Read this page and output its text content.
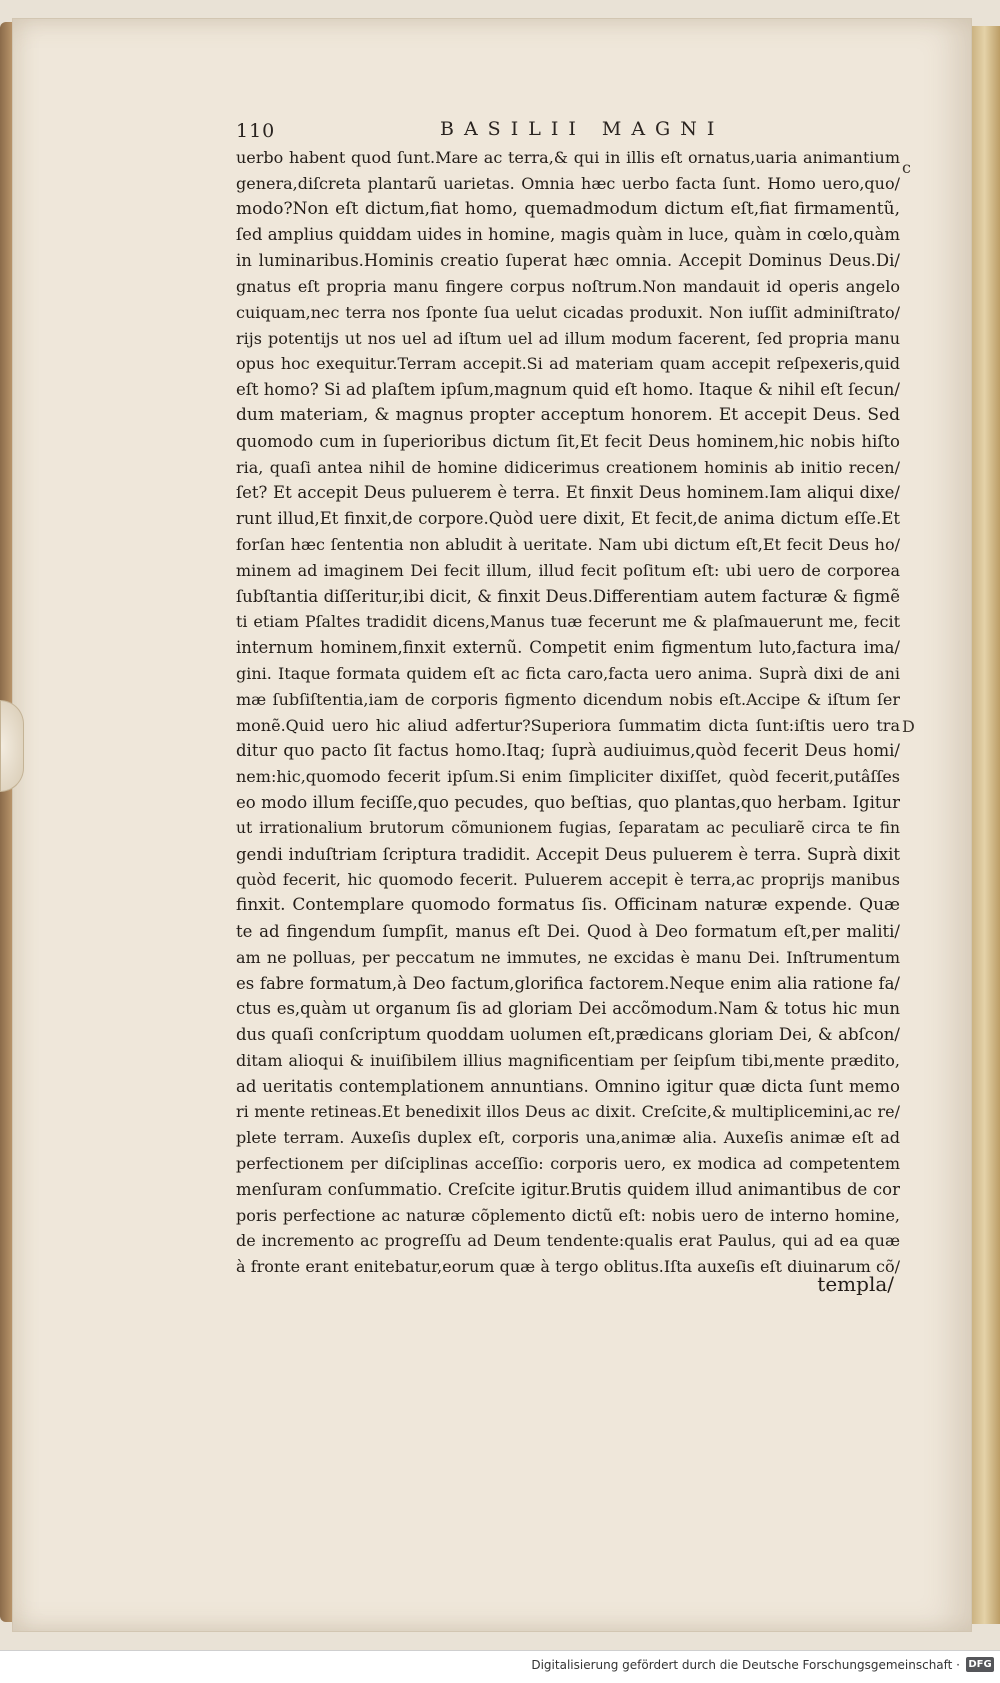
110	BASILII MAGNI
c
D
uerbo habent quod ſunt.Mare ac terra,& qui in illis eſt ornatus,uaria animantium
genera,diſcreta plantarũ uarietas. Omnia hæc uerbo facta ſunt. Homo uero,quo/
modo?Non eſt dictum,fiat homo, quemadmodum dictum eſt,fiat firmamentũ,
ſed amplius quiddam uides in homine, magis quàm in luce, quàm in cœlo,quàm
in luminaribus.Hominis creatio ſuperat hæc omnia. Accepit Dominus Deus.Di/
gnatus eſt propria manu fingere corpus noſtrum.Non mandauit id operis angelo
cuiquam,nec terra nos ſponte ſua uelut cicadas produxit. Non iuſſit adminiſtrato/
rijs potentijs ut nos uel ad iſtum uel ad illum modum facerent, ſed propria manu
opus hoc exequitur.Terram accepit.Si ad materiam quam accepit reſpexeris,quid
eſt homo? Si ad plaſtem ipſum,magnum quid eſt homo. Itaque & nihil eſt ſecun/
dum materiam, & magnus propter acceptum honorem. Et accepit Deus. Sed
quomodo cum in ſuperioribus dictum ſit,Et fecit Deus hominem,hic nobis hiſto
ria, quaſi antea nihil de homine didicerimus creationem hominis ab initio recen/
ſet? Et accepit Deus puluerem è terra. Et finxit Deus hominem.Iam aliqui dixe/
runt illud,Et finxit,de corpore.Quòd uere dixit, Et fecit,de anima dictum eſſe.Et
forſan hæc ſententia non abludit à ueritate. Nam ubi dictum eſt,Et fecit Deus ho/
minem ad imaginem Dei fecit illum, illud fecit poſitum eſt: ubi uero de corporea
ſubſtantia diſſeritur,ibi dicit, & finxit Deus.Differentiam autem facturæ & figmẽ
ti etiam Pſaltes tradidit dicens,Manus tuæ fecerunt me & plaſmauerunt me, fecit
internum hominem,finxit externũ. Competit enim figmentum luto,factura ima/
gini. Itaque formata quidem eſt ac ficta caro,facta uero anima. Suprà dixi de ani
mæ ſubſiſtentia,iam de corporis figmento dicendum nobis eſt.Accipe & iſtum ſer
monẽ.Quid uero hic aliud adfertur?Superiora ſummatim dicta ſunt:iſtis uero tra
ditur quo pacto ſit factus homo.Itaq; ſuprà audiuimus,quòd fecerit Deus homi/
nem:hic,quomodo fecerit ipſum.Si enim ſimpliciter dixiſſet, quòd fecerit,putâſſes
eo modo illum feciſſe,quo pecudes, quo beſtias, quo plantas,quo herbam. Igitur
ut irrationalium brutorum cõmunionem fugias, ſeparatam ac peculiarẽ circa te fin
gendi induſtriam ſcriptura tradidit. Accepit Deus puluerem è terra. Suprà dixit
quòd fecerit, hic quomodo fecerit. Puluerem accepit è terra,ac proprijs manibus
finxit. Contemplare quomodo formatus ſis. Officinam naturæ expende. Quæ
te ad fingendum ſumpſit, manus eſt Dei. Quod à Deo formatum eſt,per maliti/
am ne polluas, per peccatum ne immutes, ne excidas è manu Dei. Inſtrumentum
es fabre formatum,à Deo factum,glorifica factorem.Neque enim alia ratione fa/
ctus es,quàm ut organum ſis ad gloriam Dei accõmodum.Nam & totus hic mun
dus quaſi conſcriptum quoddam uolumen eſt,prædicans gloriam Dei, & abſcon/
ditam alioqui & inuiſibilem illius magnificentiam per ſeipſum tibi,mente prædito,
ad ueritatis contemplationem annuntians. Omnino igitur quæ dicta ſunt memo
ri mente retineas.Et benedixit illos Deus ac dixit. Creſcite,& multiplicemini,ac re/
plete terram. Auxeſis duplex eſt, corporis una,animæ alia. Auxeſis animæ eſt ad
perfectionem per diſciplinas acceſſio: corporis uero, ex modica ad competentem
menſuram conſummatio. Creſcite igitur.Brutis quidem illud animantibus de cor
poris perfectione ac naturæ cõplemento dictũ eſt: nobis uero de interno homine,
de incremento ac progreſſu ad Deum tendente:qualis erat Paulus, qui ad ea quæ
à fronte erant enitebatur,eorum quæ à tergo oblitus.Iſta auxeſis eſt diuinarum cõ/
templa/
Digitalisierung gefördert durch die Deutsche Forschungsgemeinschaft · DFG
